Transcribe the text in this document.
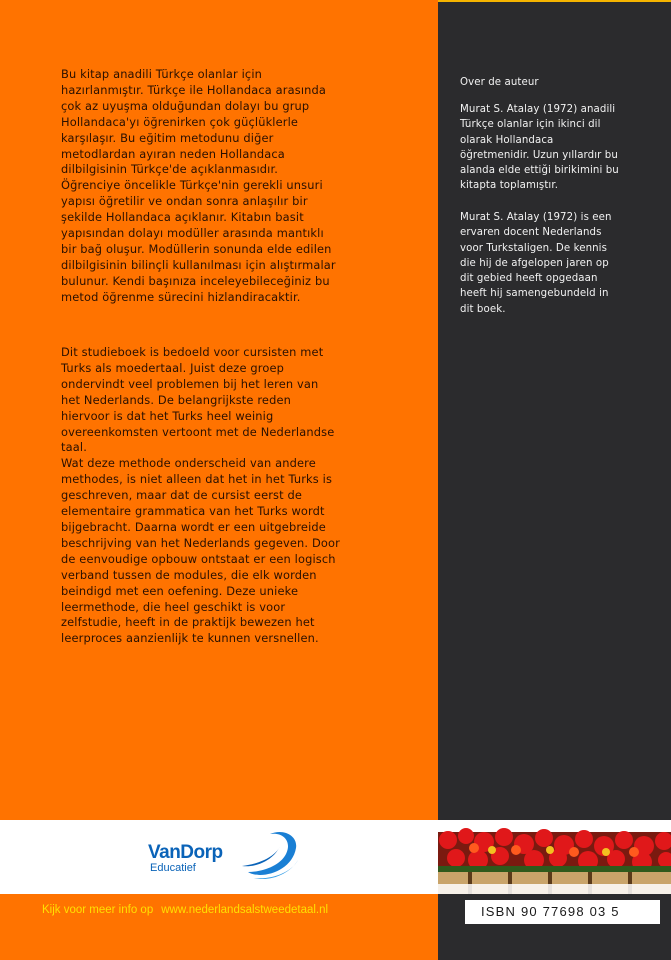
Bu kitap anadili Türkçe olanlar için
hazırlanmıştır. Türkçe ile Hollandaca arasında
çok az uyuşma olduğundan dolayı bu grup
Hollandaca'yı öğrenirken çok güçlüklerle
karşılaşır. Bu eğitim metodunu diğer
metodlardan ayıran neden Hollandaca
dilbilgisinin Türkçe'de açıklanmasıdır.
Öğrenciye öncelikle Türkçe'nin gerekli unsuri
yapısı öğretilir ve ondan sonra anlaşılır bir
şekilde Hollandaca açıklanır. Kitabın basit
yapısından dolayı modüller arasında mantıklı
bir bağ oluşur. Modüllerin sonunda elde edilen
dilbilgisinin bilinçli kullanılması için alıştırmalar
bulunur. Kendi başınıza inceleyebileceğiniz bu
metod öğrenme sürecini hizlandiracaktir.

Dit studieboek is bedoeld voor cursisten met
Turks als moedertaal. Juist deze groep
ondervindt veel problemen bij het leren van
het Nederlands. De belangrijkste reden
hiervoor is dat het Turks heel weinig
overeenkomsten vertoont met de Nederlandse
taal.
Wat deze methode onderscheid van andere
methodes, is niet alleen dat het in het Turks is
geschreven, maar dat de cursist eerst de
elementaire grammatica van het Turks wordt
bijgebracht. Daarna wordt er een uitgebreide
beschrijving van het Nederlands gegeven. Door
de eenvoudige opbouw ontstaat er een logisch
verband tussen de modules, die elk worden
beindigd met een oefening. Deze unieke
leermethode, die heel geschikt is voor
zelfstudie, heeft in de praktijk bewezen het
leerproces aanzienlijk te kunnen versnellen.

Over de auteur

Murat S. Atalay (1972) anadili
Türkçe olanlar için ikinci dil
olarak Hollandaca
öğretmenidir. Uzun yıllardır bu
alanda elde ettiği birikimini bu
kitapta toplamıştır.

Murat S. Atalay (1972) is een
ervaren docent Nederlands
voor Turkstaligen. De kennis
die hij de afgelopen jaren op
dit gebied heeft opgedaan
heeft hij samengebundeld in
dit boek.

VanDorp
Educatief
Kijk voor meer info op www.nederlandsalstweedetaal.nl	ISBN 90 77698 03 5
